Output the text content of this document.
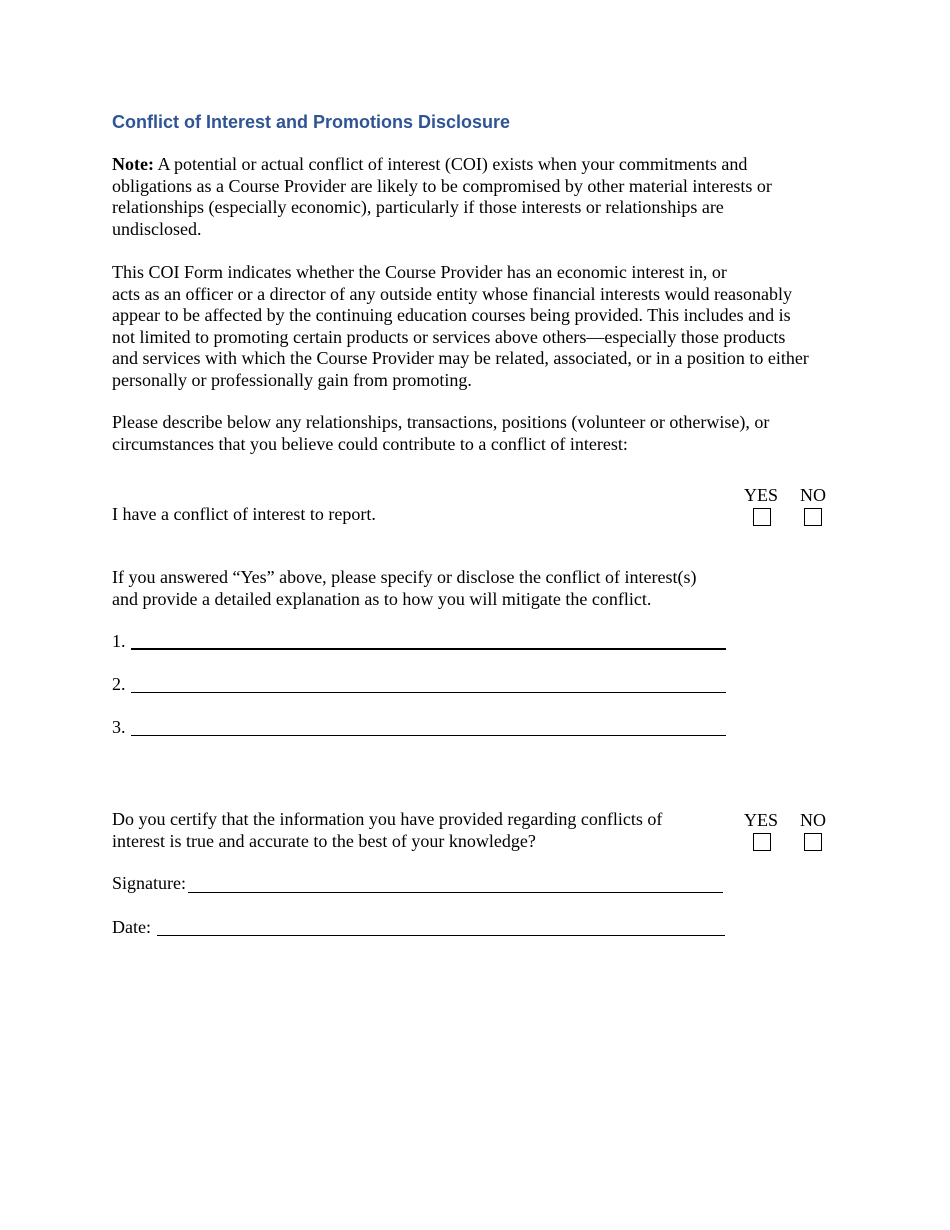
Conflict of Interest and Promotions Disclosure
Note: A potential or actual conflict of interest (COI) exists when your commitments and
obligations as a Course Provider are likely to be compromised by other material interests or
relationships (especially economic), particularly if those interests or relationships are
undisclosed.
This COI Form indicates whether the Course Provider has an economic interest in, or
acts as an officer or a director of any outside entity whose financial interests would reasonably
appear to be affected by the continuing education courses being provided. This includes and is
not limited to promoting certain products or services above others—especially those products
and services with which the Course Provider may be related, associated, or in a position to either
personally or professionally gain from promoting.
Please describe below any relationships, transactions, positions (volunteer or otherwise), or
circumstances that you believe could contribute to a conflict of interest:
YES NO
I have a conflict of interest to report.
If you answered “Yes” above, please specify or disclose the conflict of interest(s)
and provide a detailed explanation as to how you will mitigate the conflict.
1.
2.
3.
YES NO
Do you certify that the information you have provided regarding conflicts of
interest is true and accurate to the best of your knowledge?
Signature:
Date:
